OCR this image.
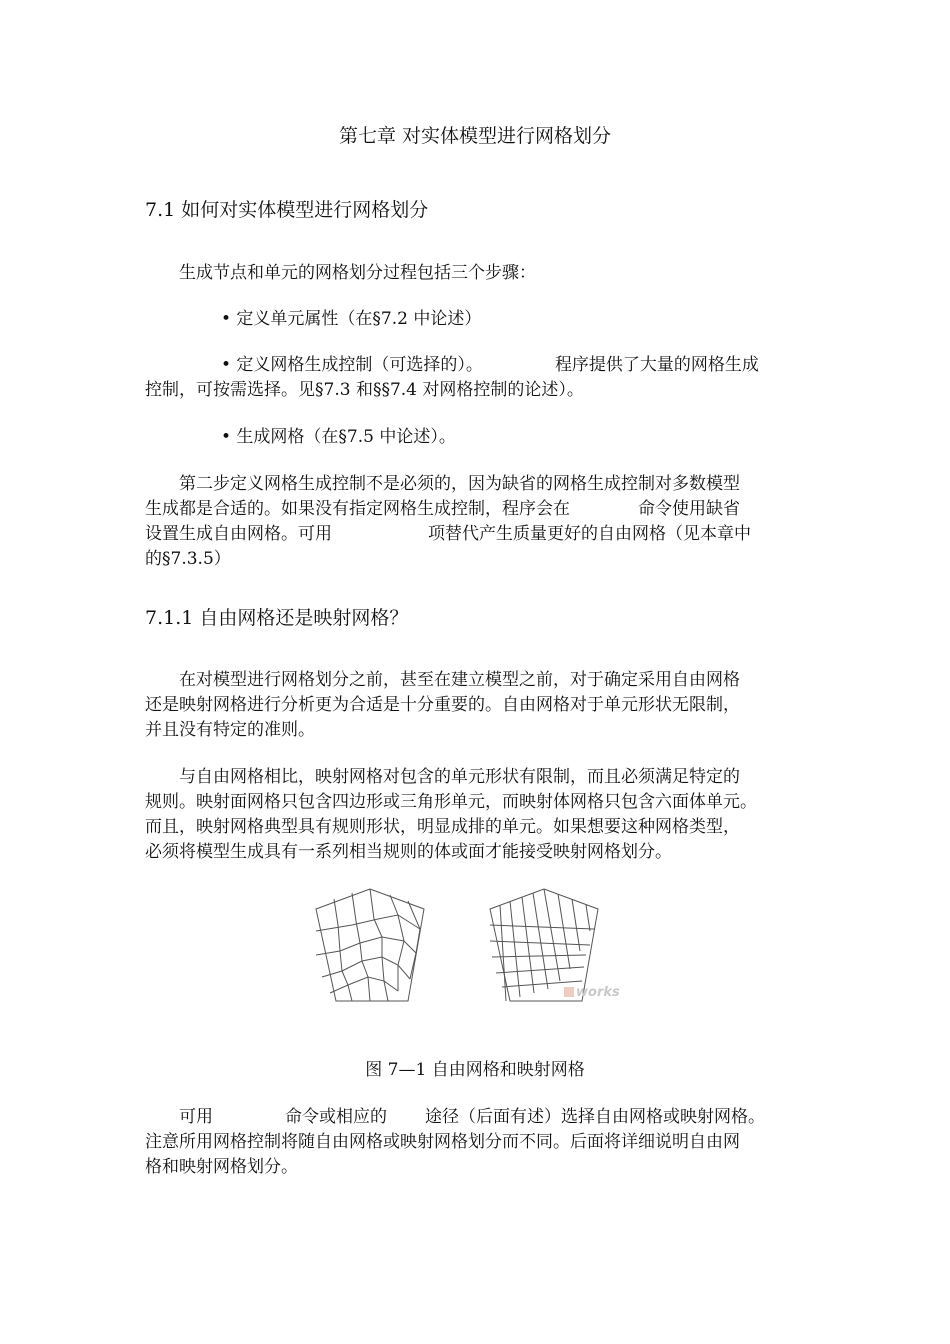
第七章 对实体模型进行网格划分
7.1 如何对实体模型进行网格划分
生成节点和单元的网格划分过程包括三个步骤：
• 定义单元属性（在§7.2 中论述）
• 定义网格生成控制（可选择的）。	程序提供了大量的网格生成
控制，可按需选择。见§7.3 和§§7.4 对网格控制的论述）。
• 生成网格（在§7.5 中论述）。
第二步定义网格生成控制不是必须的，因为缺省的网格生成控制对多数模型
生成都是合适的。如果没有指定网格生成控制，程序会在	命令使用缺省
设置生成自由网格。可用	项替代产生质量更好的自由网格（见本章中
的§7.3.5）
7.1.1 自由网格还是映射网格？
在对模型进行网格划分之前，甚至在建立模型之前，对于确定采用自由网格
还是映射网格进行分析更为合适是十分重要的。自由网格对于单元形状无限制，
并且没有特定的准则。
与自由网格相比，映射网格对包含的单元形状有限制，而且必须满足特定的
规则。映射面网格只包含四边形或三角形单元，而映射体网格只包含六面体单元。
而且，映射网格典型具有规则形状，明显成排的单元。如果想要这种网格类型，
必须将模型生成具有一系列相当规则的体或面才能接受映射网格划分。
works
图 7—1 自由网格和映射网格
可用	命令或相应的 途径（后面有述）选择自由网格或映射网格。
注意所用网格控制将随自由网格或映射网格划分而不同。后面将详细说明自由网
格和映射网格划分。
